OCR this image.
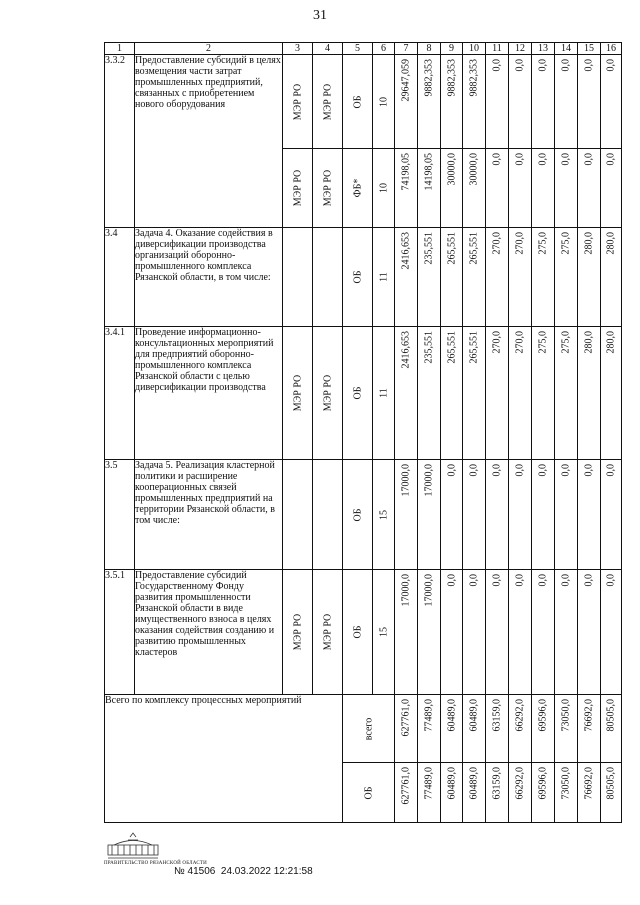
31
1	2	3	4	5	6	7	8	9	10	11	12	13	14	15	16
3.3.2	Предоставление субсидий в целях возмещения части затрат промышленных предприятий, связанных с приобретением нового оборудования	МЭР РО	МЭР РО	ОБ	10	29647,059	9882,353	9882,353	9882,353	0,0	0,0	0,0	0,0	0,0	0,0

		МЭР РО	МЭР РО	ФБ*	10	74198,05	14198,05	30000,0	30000,0	0,0	0,0	0,0	0,0	0,0	0,0

3.4	Задача 4. Оказание содействия в диверсификации производства организаций оборонно-промышленного комплекса Рязанской области, в том числе:			ОБ	11	2416,653	235,551	265,551	265,551	270,0	270,0	275,0	275,0	280,0	280,0

3.4.1	Проведение информационно-консультационных мероприятий для предприятий оборонно-промышленного комплекса Рязанской области с целью диверсификации производства	МЭР РО	МЭР РО	ОБ	11	2416,653	235,551	265,551	265,551	270,0	270,0	275,0	275,0	280,0	280,0

3.5	Задача 5. Реализация кластерной политики и расширение кооперационных связей промышленных предприятий на территории Рязанской области, в том числе:			ОБ	15	17000,0	17000,0	0,0	0,0	0,0	0,0	0,0	0,0	0,0	0,0

3.5.1	Предоставление субсидий Государственному Фонду развития промышленности Рязанской области в виде имущественного взноса в целях оказания содействия созданию и развитию промышленных кластеров	МЭР РО	МЭР РО	ОБ	15	17000,0	17000,0	0,0	0,0	0,0	0,0	0,0	0,0	0,0	0,0

Всего по комплексу процессных мероприятий				всего		627761,0	77489,0	60489,0	60489,0	63159,0	66292,0	69596,0	73050,0	76692,0	80505,0

				ОБ		627761,0	77489,0	60489,0	60489,0	63159,0	66292,0	69596,0	73050,0	76692,0	80505,0
ПРАВИТЕЛЬСТВО РЯЗАНСКОЙ ОБЛАСТИ
№ 41506 24.03.2022 12:21:58
